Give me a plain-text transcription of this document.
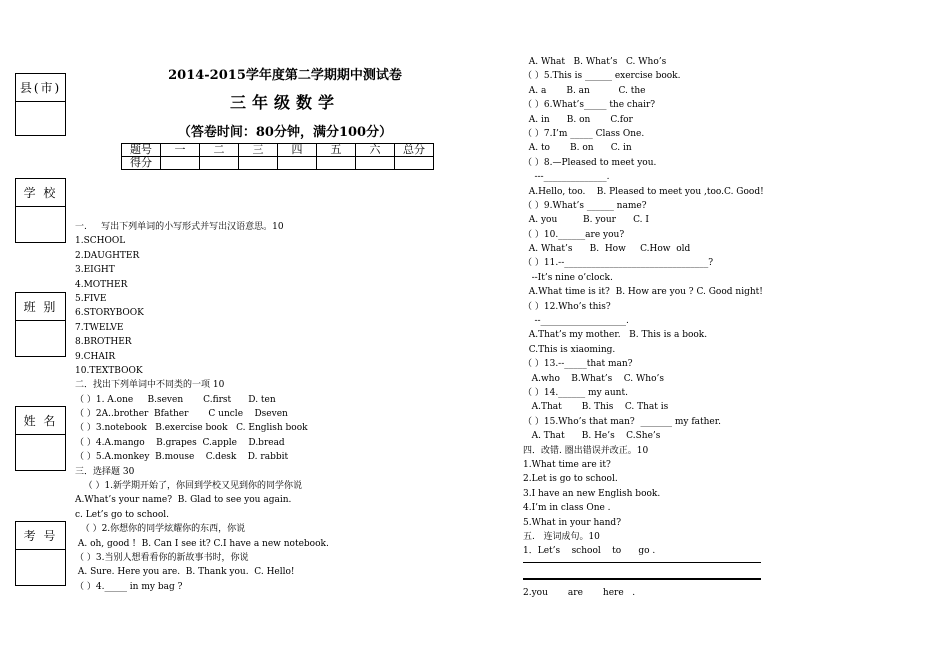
县(市)
学 校
班 别
姓 名
考 号
2014-2015学年度第二学期期中测试卷
三年级数学
（答卷时间：80分钟，满分100分）
题号	一	二	三	四	五	六	总分
得分							
一.     写出下列单词的小写形式并写出汉语意思。10
1.SCHOOL
2.DAUGHTER
3.EIGHT
4.MOTHER
5.FIVE
6.STORYBOOK
7.TWELVE
8.BROTHER
9.CHAIR
10.TEXTBOOK
二．找出下列单词中不同类的一项 10
（ ）1. A.one     B.seven       C.first      D. ten
（ ）2A..brother  Bfather       C uncle    Dseven
（ ）3.notebook   B.exercise book   C. English book
（ ）4.A.mango    B.grapes  C.apple    D.bread
（ ）5.A.monkey  B.mouse    C.desk    D. rabbit
三．选择题 30
（ ）1.新学期开始了，你回到学校又见到你的同学你说
A.What’s your name?  B. Glad to see you again.
c. Let’s go to school.
（ ）2.你想你的同学炫耀你的东西，你说
A. oh, good !  B. Can I see it? C.I have a new notebook.
（ ）3.当别人想看看你的新故事书时，你说
A. Sure. Here you are.  B. Thank you.  C. Hello!
（ ）4._____ in my bag ?
A. What   B. What’s   C. Who’s
（ ）5.This is ______ exercise book.
A. a       B. an          C. the
（ ）6.What’s_____ the chair?
A. in      B. on       C.for
（ ）7.I’m _____ Class One.
A. to       B. on      C. in
（ ）8.—Pleased to meet you.
---______________.
A.Hello, too.    B. Pleased to meet you ,too.C. Good!
（ ）9.What’s ______ name?
A. you         B. your      C. I
（ ）10.______are you?
A. What’s      B.  How     C.How  old
（ ）11.--________________________________?
--It’s nine o’clock.
A.What time is it?  B. How are you ? C. Good night!
（ ）12.Who’s this?
--___________________.
A.That’s my mother.   B. This is a book.
C.This is xiaoming.
（ ）13.--_____that man?
A.who    B.What’s    C. Who’s
（ ）14.______ my aunt.
A.That       B. This    C. That is
（ ）15.Who’s that man?  _______ my father.
A. That      B. He’s    C.She’s
四．改错. 圈出错误并改正。10
1.What time are it?
2.Let is go to school.
3.I have an new English book.
4.I’m in class One .
5.What in your hand?
五.   连词成句。10
1．Let’s    school    to      go .
2.you       are       here   .
